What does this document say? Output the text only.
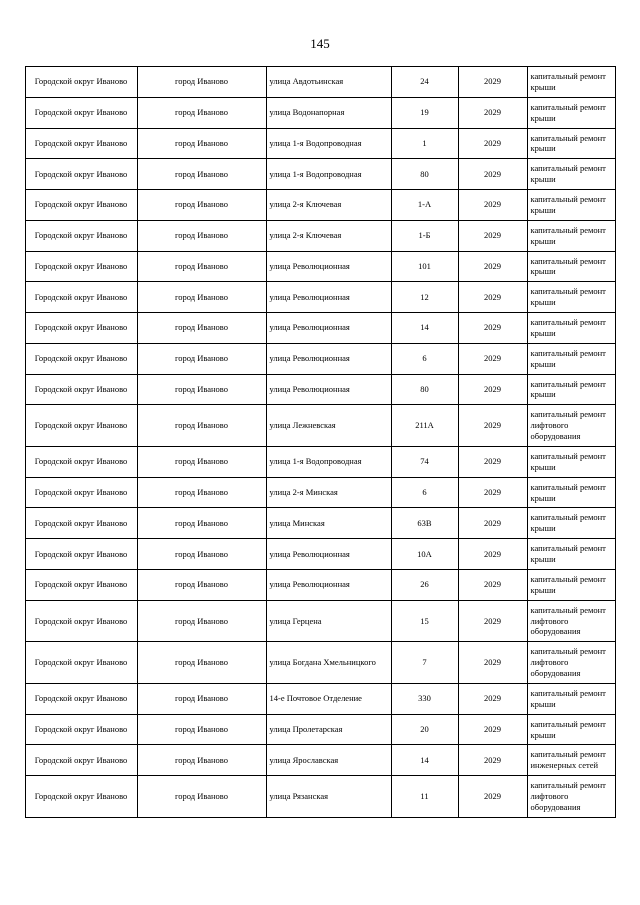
145
Городской округ Иваново	город Иваново	улица Авдотьинская	24	2029	капитальный ремонт крыши
Городской округ Иваново	город Иваново	улица Водонапорная	19	2029	капитальный ремонт крыши
Городской округ Иваново	город Иваново	улица 1-я Водопроводная	1	2029	капитальный ремонт крыши
Городской округ Иваново	город Иваново	улица 1-я Водопроводная	80	2029	капитальный ремонт крыши
Городской округ Иваново	город Иваново	улица 2-я Ключевая	1-А	2029	капитальный ремонт крыши
Городской округ Иваново	город Иваново	улица 2-я Ключевая	1-Б	2029	капитальный ремонт крыши
Городской округ Иваново	город Иваново	улица Революционная	101	2029	капитальный ремонт крыши
Городской округ Иваново	город Иваново	улица Революционная	12	2029	капитальный ремонт крыши
Городской округ Иваново	город Иваново	улица Революционная	14	2029	капитальный ремонт крыши
Городской округ Иваново	город Иваново	улица Революционная	6	2029	капитальный ремонт крыши
Городской округ Иваново	город Иваново	улица Революционная	80	2029	капитальный ремонт крыши
Городской округ Иваново	город Иваново	улица Лежневская	211А	2029	капитальный ремонт лифтового оборудования
Городской округ Иваново	город Иваново	улица 1-я Водопроводная	74	2029	капитальный ремонт крыши
Городской округ Иваново	город Иваново	улица 2-я Минская	6	2029	капитальный ремонт крыши
Городской округ Иваново	город Иваново	улица Минская	63В	2029	капитальный ремонт крыши
Городской округ Иваново	город Иваново	улица Революционная	10А	2029	капитальный ремонт крыши
Городской округ Иваново	город Иваново	улица Революционная	26	2029	капитальный ремонт крыши
Городской округ Иваново	город Иваново	улица Герцена	15	2029	капитальный ремонт лифтового оборудования
Городской округ Иваново	город Иваново	улица Богдана Хмельницкого	7	2029	капитальный ремонт лифтового оборудования
Городской округ Иваново	город Иваново	14-е Почтовое Отделение	330	2029	капитальный ремонт крыши
Городской округ Иваново	город Иваново	улица Пролетарская	20	2029	капитальный ремонт крыши
Городской округ Иваново	город Иваново	улица Ярославская	14	2029	капитальный ремонт инженерных сетей
Городской округ Иваново	город Иваново	улица Рязанская	11	2029	капитальный ремонт лифтового оборудования
